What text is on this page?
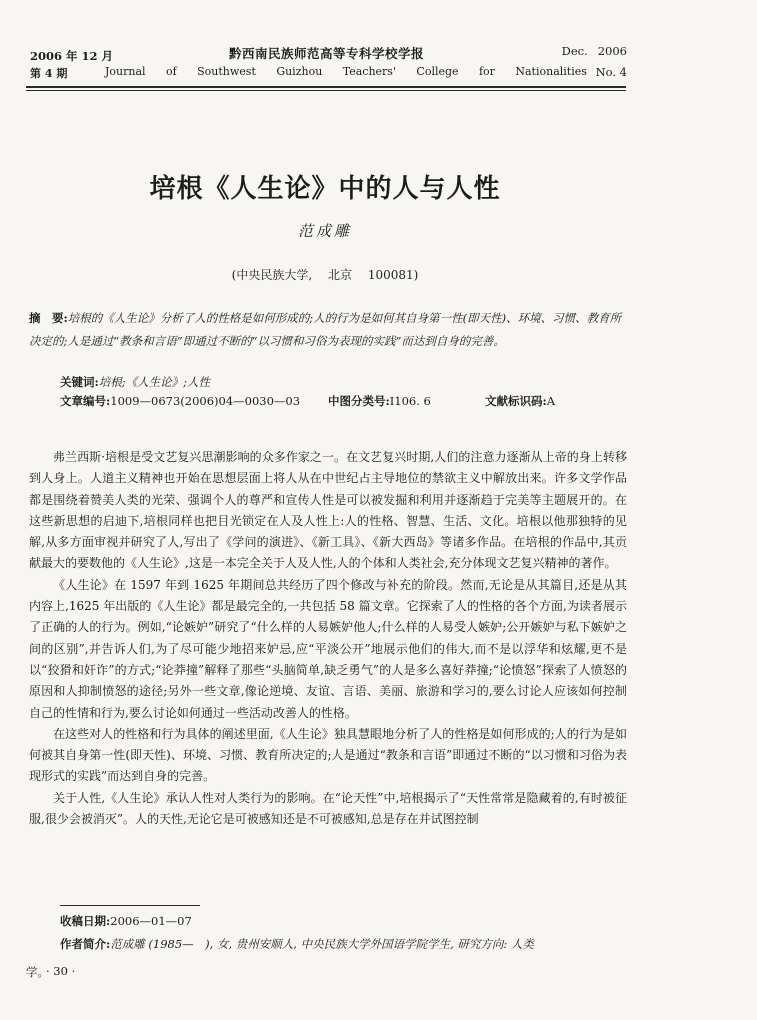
2006 年 12 月	黔西南民族师范高等专科学校学报	Dec. 2006
第 4 期	Journal of Southwest Guizhou Teachers' College for Nationalities No. 4
培根《人生论》中的人与人性
范成雕
(中央民族大学, 北京 100081)
摘　要:培根的《人生论》分析了人的性格是如何形成的;人的行为是如何其自身第一性(即天性)、环境、习惯、教育所决定的;人是通过“教条和言语”即通过不断的“以习惯和习俗为表现的实践”而达到自身的完善。
关键词:培根;《人生论》;人性
文章编号:1009—0673(2006)04—0030—03 中图分类号:I106. 6	文献标识码:A

弗兰西斯·培根是受文艺复兴思潮影响的众多作家之一。在文艺复兴时期,人们的注意力逐渐从上帝的身上转移到人身上。人道主义精神也开始在思想层面上将人从在中世纪占主导地位的禁欲主义中解放出来。许多文学作品都是围绕着赞美人类的光荣、强调个人的尊严和宣传人性是可以被发掘和利用并逐渐趋于完美等主题展开的。在这些新思想的启迪下,培根同样也把目光锁定在人及人性上:人的性格、智慧、生活、文化。培根以他那独特的见解,从多方面审视并研究了人,写出了《学问的演进》、《新工具》、《新大西岛》等诸多作品。在培根的作品中,其贡献最大的要数他的《人生论》,这是一本完全关于人及人性,人的个体和人类社会,充分体现文艺复兴精神的著作。

《人生论》在 1597 年到 1625 年期间总共经历了四个修改与补充的阶段。然而,无论是从其篇目,还是从其内容上,1625 年出版的《人生论》都是最完全的,一共包括 58 篇文章。它探索了人的性格的各个方面,为读者展示了正确的人的行为。例如,“论嫉妒”研究了“什么样的人易嫉妒他人;什么样的人易受人嫉妒;公开嫉妒与私下嫉妒之间的区别”,并告诉人们,为了尽可能少地招来妒忌,应“平淡公开”地展示他们的伟大,而不是以浮华和炫耀,更不是以“狡猾和奸诈”的方式;“论莽撞”解释了那些“头脑简单,缺乏勇气”的人是多么喜好莽撞;“论愤怒”探索了人愤怒的原因和人抑制愤怒的途径;另外一些文章,像论逆境、友谊、言语、美丽、旅游和学习的,要么讨论人应该如何控制自己的性情和行为,要么讨论如何通过一些活动改善人的性格。

在这些对人的性格和行为具体的阐述里面,《人生论》独具慧眼地分析了人的性格是如何形成的;人的行为是如何被其自身第一性(即天性)、环境、习惯、教育所决定的;人是通过“教条和言语”即通过不断的“以习惯和习俗为表现形式的实践”而达到自身的完善。

关于人性,《人生论》承认人性对人类行为的影响。在“论天性”中,培根揭示了“天性常常是隐藏着的,有时被征服,很少会被消灭”。人的天性,无论它是可被感知还是不可被感知,总是存在并试图控制

收稿日期:2006—01—07
作者简介:范成雕 (1985—　), 女, 贵州安顺人, 中央民族大学外国语学院学生, 研究方向: 人类
学。
· 30 ·
